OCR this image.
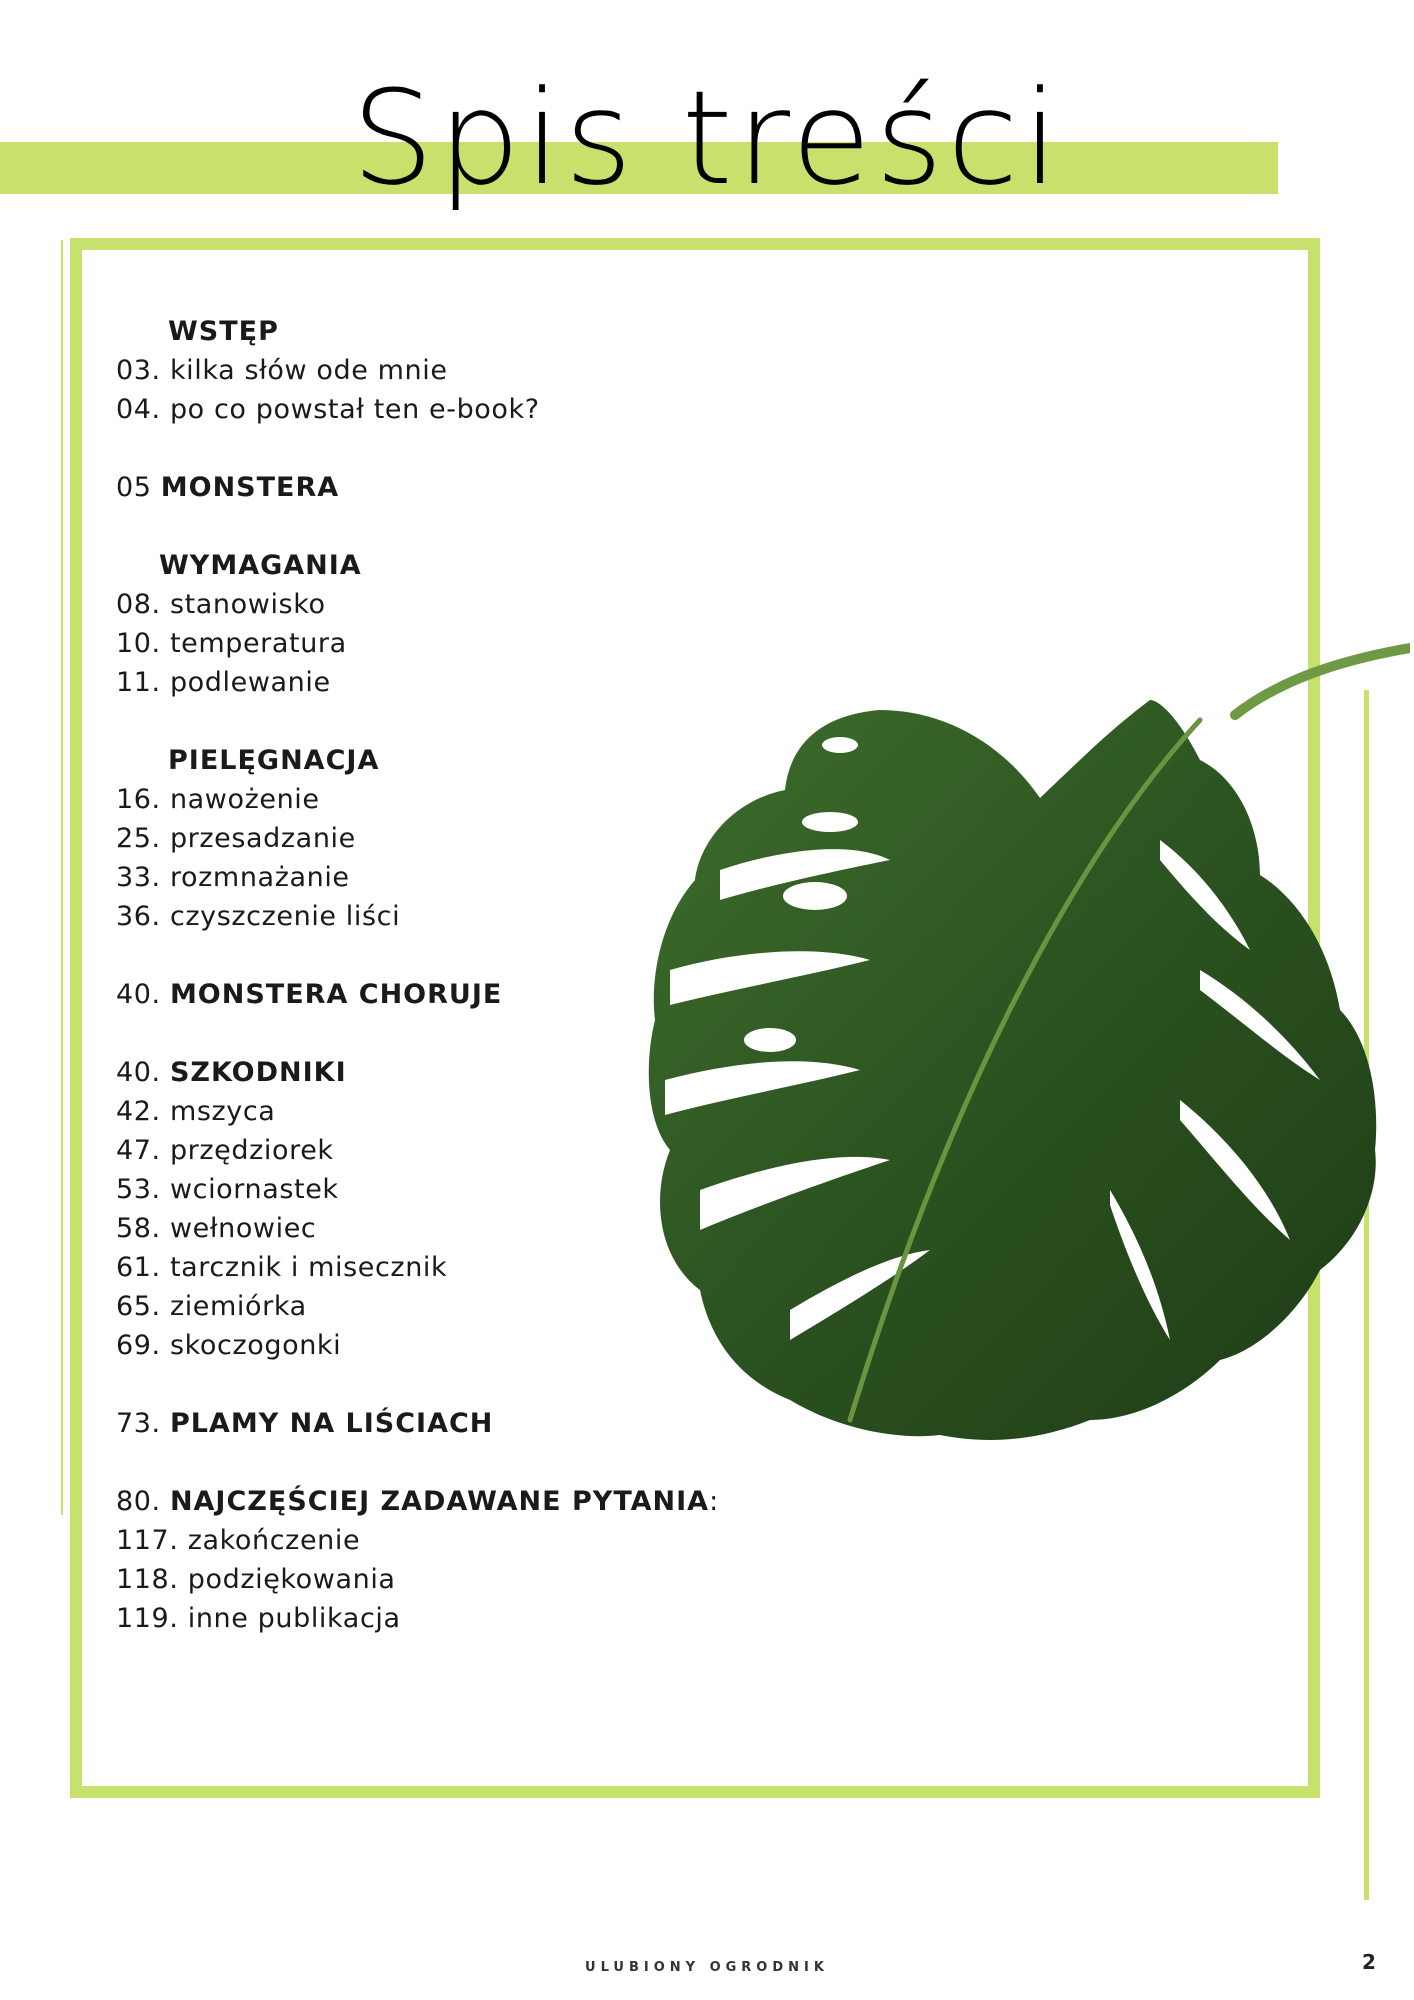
Spis treści
WSTĘP
03. kilka słów ode mnie
04. po co powstał ten e-book?
05 MONSTERA
WYMAGANIA
08. stanowisko
10. temperatura
11. podlewanie
PIELĘGNACJA
16. nawożenie
25. przesadzanie
33. rozmnażanie
36. czyszczenie liści
40. MONSTERA CHORUJE
40. SZKODNIKI
42. mszyca
47. przędziorek
53. wciornastek
58. wełnowiec
61. tarcznik i misecznik
65. ziemiórka
69. skoczogonki
73. PLAMY NA LIŚCIACH
80. NAJCZĘŚCIEJ ZADAWANE PYTANIA:
117. zakończenie
118. podziękowania
119. inne publikacja
ULUBIONY OGRODNIK	2
